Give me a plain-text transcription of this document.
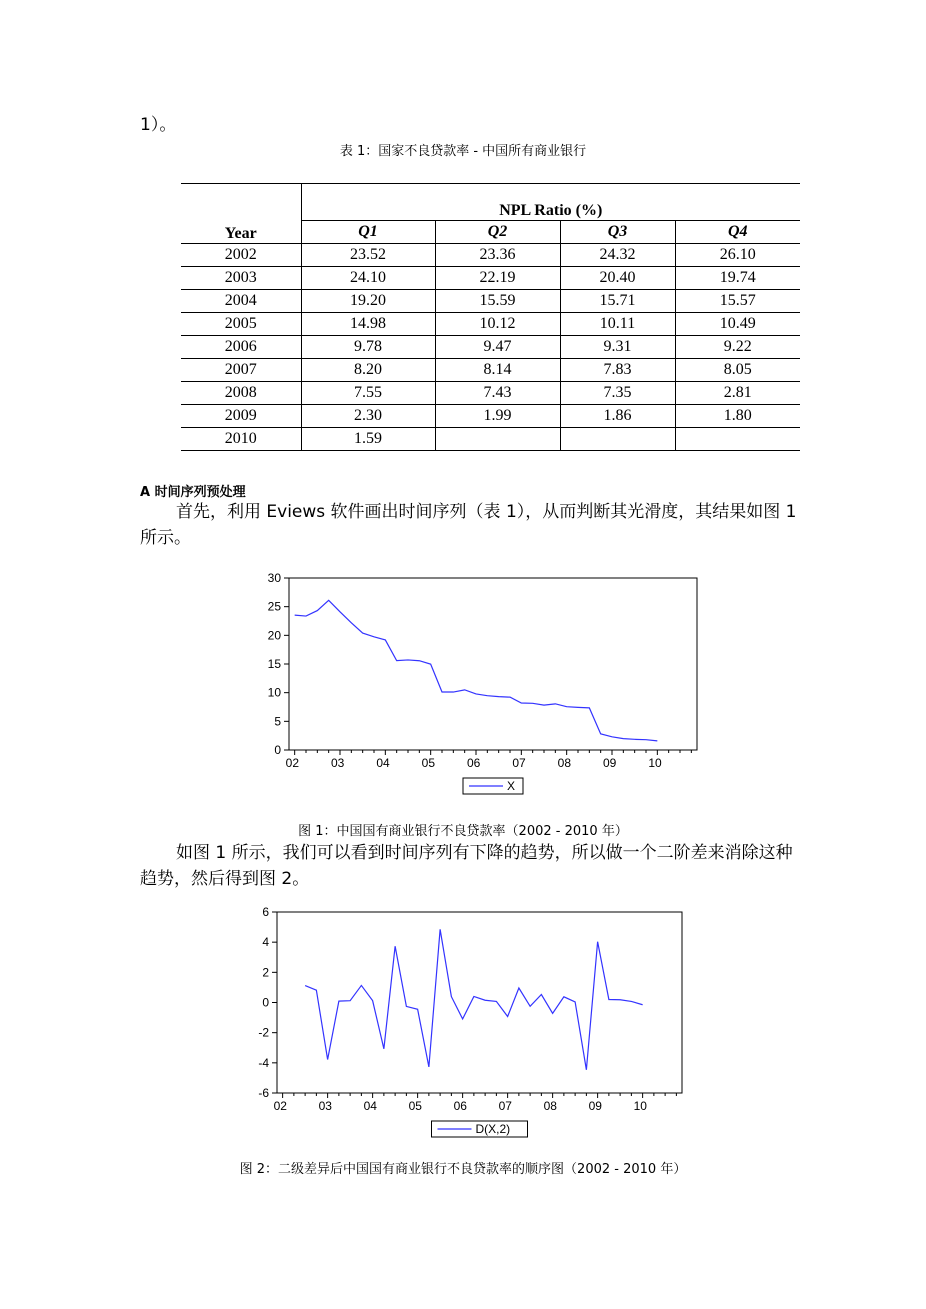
1）。
表 1：国家不良贷款率 - 中国所有商业银行
Year	NPL Ratio (%)			
	Q1	Q2	Q3	Q4
2002	23.52	23.36	24.32	26.10
2003	24.10	22.19	20.40	19.74
2004	19.20	15.59	15.71	15.57
2005	14.98	10.12	10.11	10.49
2006	9.78	9.47	9.31	9.22
2007	8.20	8.14	7.83	8.05
2008	7.55	7.43	7.35	2.81
2009	2.30	1.99	1.86	1.80
2010	1.59			
A 时间序列预处理
首先，利用 Eviews 软件画出时间序列（表 1），从而判断其光滑度，其结果如图 1 所示。
0
5
10
15
20
25
30
02	03	04	05	06	07	08	09	10
X
图 1：中国国有商业银行不良贷款率（2002 - 2010 年）
如图 1 所示，我们可以看到时间序列有下降的趋势，所以做一个二阶差来消除这种趋势，然后得到图 2。
-6
-4
-2
0
2
4
6
02	03	04	05	06	07	08	09	10
D(X,2)
图 2：二级差异后中国国有商业银行不良贷款率的顺序图（2002 - 2010 年）
